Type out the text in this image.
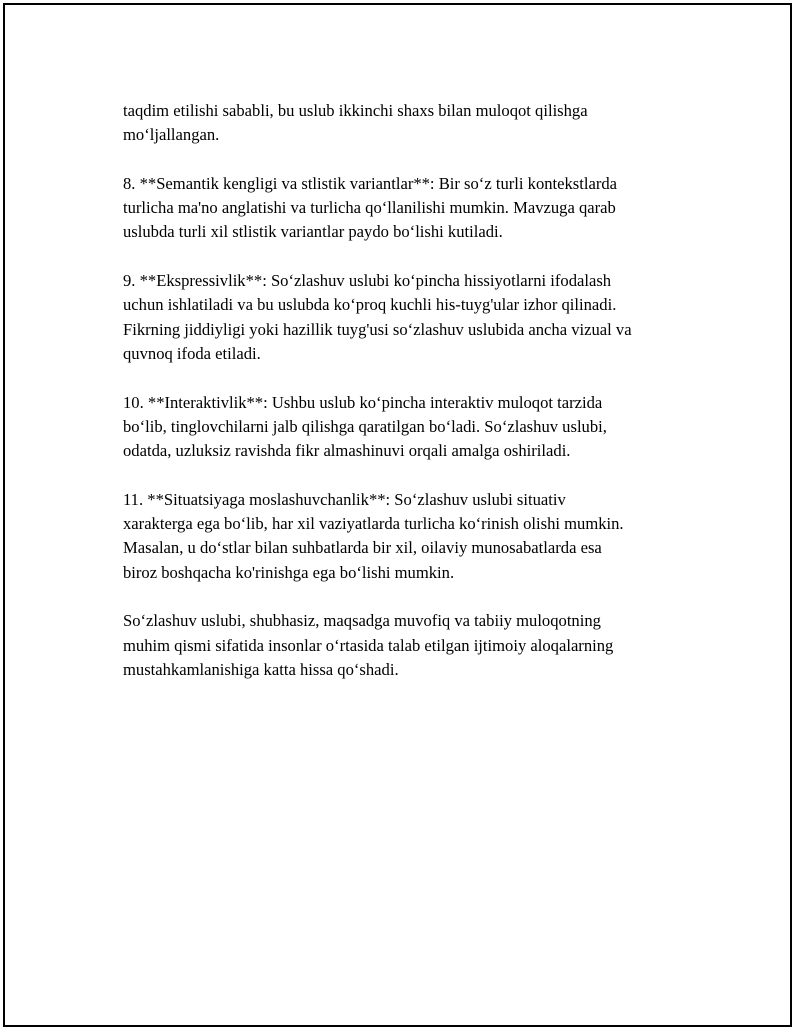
taqdim etilishi sababli, bu uslub ikkinchi shaxs bilan muloqot qilishga
mo‘ljallangan.

8. **Semantik kengligi va stlistik variantlar**: Bir so‘z turli kontekstlarda
turlicha ma'no anglatishi va turlicha qo‘llanilishi mumkin. Mavzuga qarab
uslubda turli xil stlistik variantlar paydo bo‘lishi kutiladi.

9. **Ekspressivlik**: So‘zlashuv uslubi ko‘pincha hissiyotlarni ifodalash
uchun ishlatiladi va bu uslubda ko‘proq kuchli his-tuyg'ular izhor qilinadi.
Fikrning jiddiyligi yoki hazillik tuyg'usi so‘zlashuv uslubida ancha vizual va
quvnoq ifoda etiladi.

10. **Interaktivlik**: Ushbu uslub ko‘pincha interaktiv muloqot tarzida
bo‘lib, tinglovchilarni jalb qilishga qaratilgan bo‘ladi. So‘zlashuv uslubi,
odatda, uzluksiz ravishda fikr almashinuvi orqali amalga oshiriladi.

11. **Situatsiyaga moslashuvchanlik**: So‘zlashuv uslubi situativ
xarakterga ega bo‘lib, har xil vaziyatlarda turlicha ko‘rinish olishi mumkin.
Masalan, u do‘stlar bilan suhbatlarda bir xil, oilaviy munosabatlarda esa
biroz boshqacha ko'rinishga ega bo‘lishi mumkin.

So‘zlashuv uslubi, shubhasiz, maqsadga muvofiq va tabiiy muloqotning
muhim qismi sifatida insonlar o‘rtasida talab etilgan ijtimoiy aloqalarning
mustahkamlanishiga katta hissa qo‘shadi.
